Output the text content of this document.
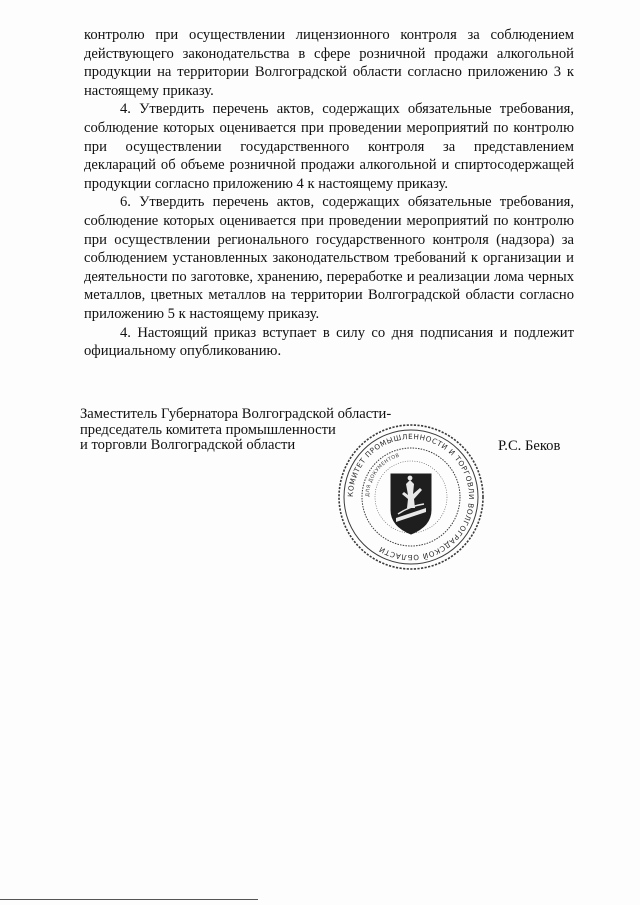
контролю при осуществлении лицензионного контроля за соблюдением действующего законодательства в сфере розничной продажи алкогольной продукции на территории Волгоградской области согласно приложению 3 к настоящему приказу.

4. Утвердить перечень актов, содержащих обязательные требования, соблюдение которых оценивается при проведении мероприятий по контролю при осуществлении государственного контроля за представлением деклараций об объеме розничной продажи алкогольной и спиртосодержащей продукции согласно приложению 4 к настоящему приказу.

6. Утвердить перечень актов, содержащих обязательные требования, соблюдение которых оценивается при проведении мероприятий по контролю при осуществлении регионального государственного контроля (надзора) за соблюдением установленных законодательством требований к организации и деятельности по заготовке, хранению, переработке и реализации лома черных металлов, цветных металлов на территории Волгоградской области согласно приложению 5 к настоящему приказу.

4. Настоящий приказ вступает в силу со дня подписания и подлежит официальному опубликованию.

Заместитель Губернатора Волгоградской области-
председатель комитета промышленности
и торговли Волгоградской области	Р.С. Беков
КОМИТЕТ ПРОМЫШЛЕННОСТИ И ТОРГОВЛИ ВОЛГОГРАДСКОЙ ОБЛАСТИ
ДЛЯ ДОКУМЕНТОВ
